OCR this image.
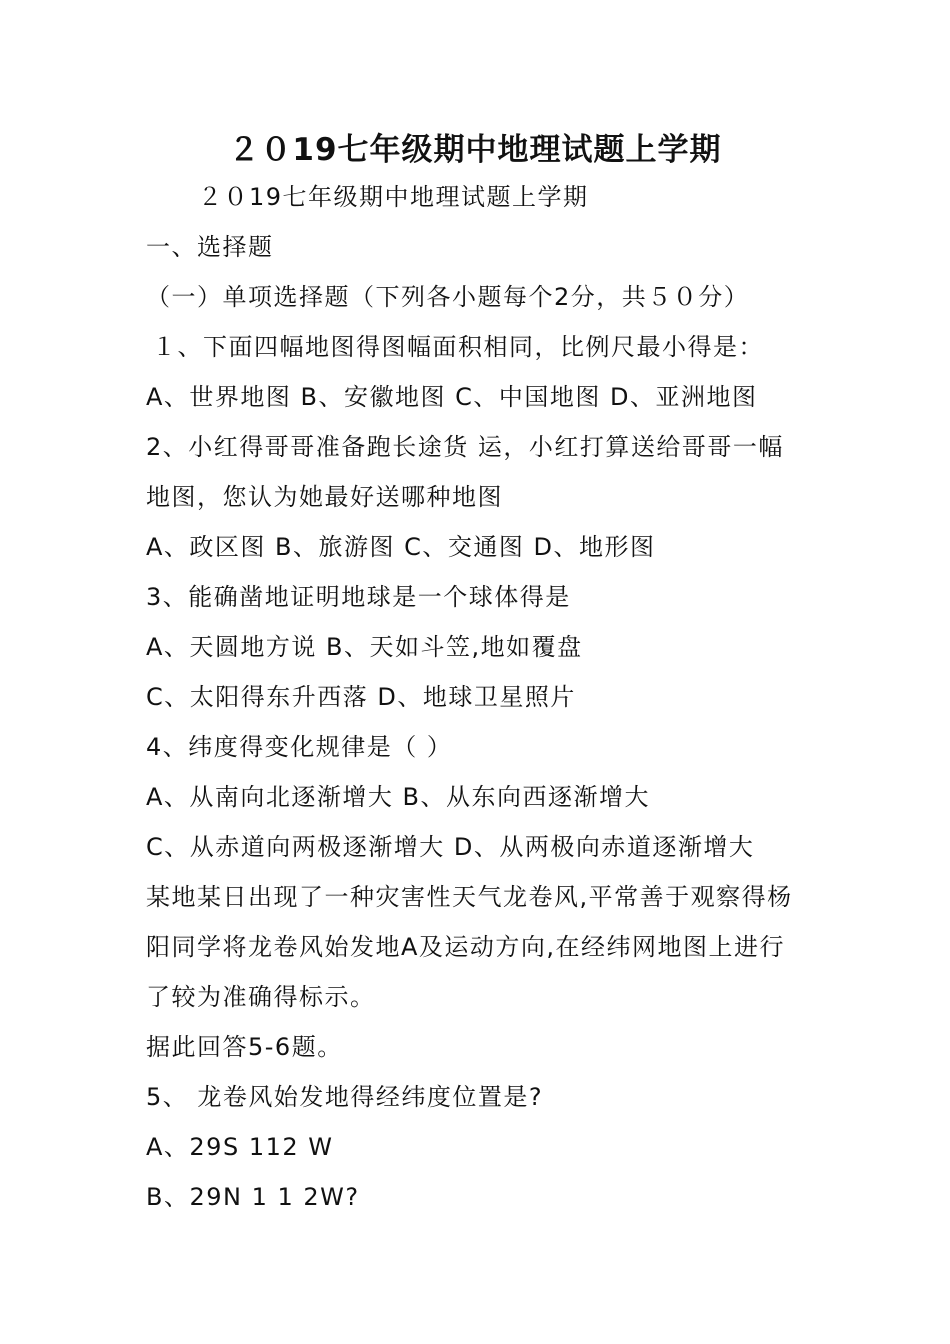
２０19七年级期中地理试题上学期
２０19七年级期中地理试题上学期
一、选择题
（一）单项选择题（下列各小题每个2分，共５０分）
１、下面四幅地图得图幅面积相同，比例尺最小得是：
A、世界地图 B、安徽地图 C、中国地图 D、亚洲地图
2、小红得哥哥准备跑长途货 运，小红打算送给哥哥一幅
地图，您认为她最好送哪种地图
A、政区图 B、旅游图 C、交通图 D、地形图
3、能确凿地证明地球是一个球体得是
A、天圆地方说 B、天如斗笠,地如覆盘
C、太阳得东升西落 D、地球卫星照片
4、纬度得变化规律是（ ）
A、从南向北逐渐增大 B、从东向西逐渐增大
C、从赤道向两极逐渐增大 D、从两极向赤道逐渐增大
某地某日出现了一种灾害性天气龙卷风,平常善于观察得杨
阳同学将龙卷风始发地A及运动方向,在经纬网地图上进行
了较为准确得标示。
据此回答5-6题。
5、 龙卷风始发地得经纬度位置是?
A、29S 112 W
B、29N 1 1 2W?
